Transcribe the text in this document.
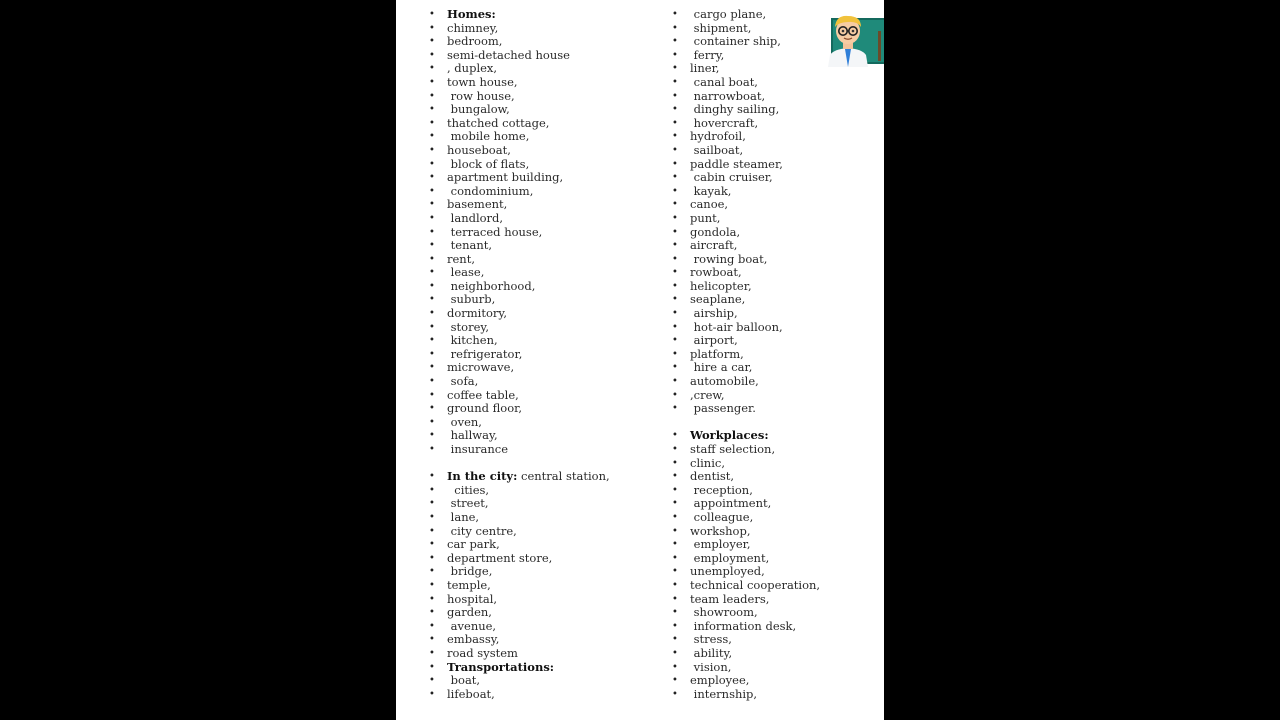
• Homes:
• chimney,
• bedroom,
• semi-detached house
• , duplex,
• town house,
•  row house,
•  bungalow,
• thatched cottage,
•  mobile home,
• houseboat,
•  block of flats,
• apartment building,
•  condominium,
• basement,
•  landlord,
•  terraced house,
•  tenant,
• rent,
•  lease,
•  neighborhood,
•  suburb,
• dormitory,
•  storey,
•  kitchen,
•  refrigerator,
• microwave,
•  sofa,
• coffee table,
• ground floor,
•  oven,
•  hallway,
•  insurance
• In the city: central station,
•   cities,
•  street,
•  lane,
•  city centre,
• car park,
• department store,
•  bridge,
• temple,
• hospital,
• garden,
•  avenue,
• embassy,
• road system
• Transportations:
•  boat,
• lifeboat,
•  cargo plane,
•  shipment,
•  container ship,
•  ferry,
• liner,
•  canal boat,
•  narrowboat,
•  dinghy sailing,
•  hovercraft,
• hydrofoil,
•  sailboat,
• paddle steamer,
•  cabin cruiser,
•  kayak,
• canoe,
• punt,
• gondola,
• aircraft,
•  rowing boat,
• rowboat,
• helicopter,
• seaplane,
•  airship,
•  hot-air balloon,
•  airport,
• platform,
•  hire a car,
• automobile,
• ,crew,
•  passenger.
• Workplaces:
• staff selection,
• clinic,
• dentist,
•  reception,
•  appointment,
•  colleague,
• workshop,
•  employer,
•  employment,
• unemployed,
• technical cooperation,
• team leaders,
•  showroom,
•  information desk,
•  stress,
•  ability,
•  vision,
• employee,
•  internship,
